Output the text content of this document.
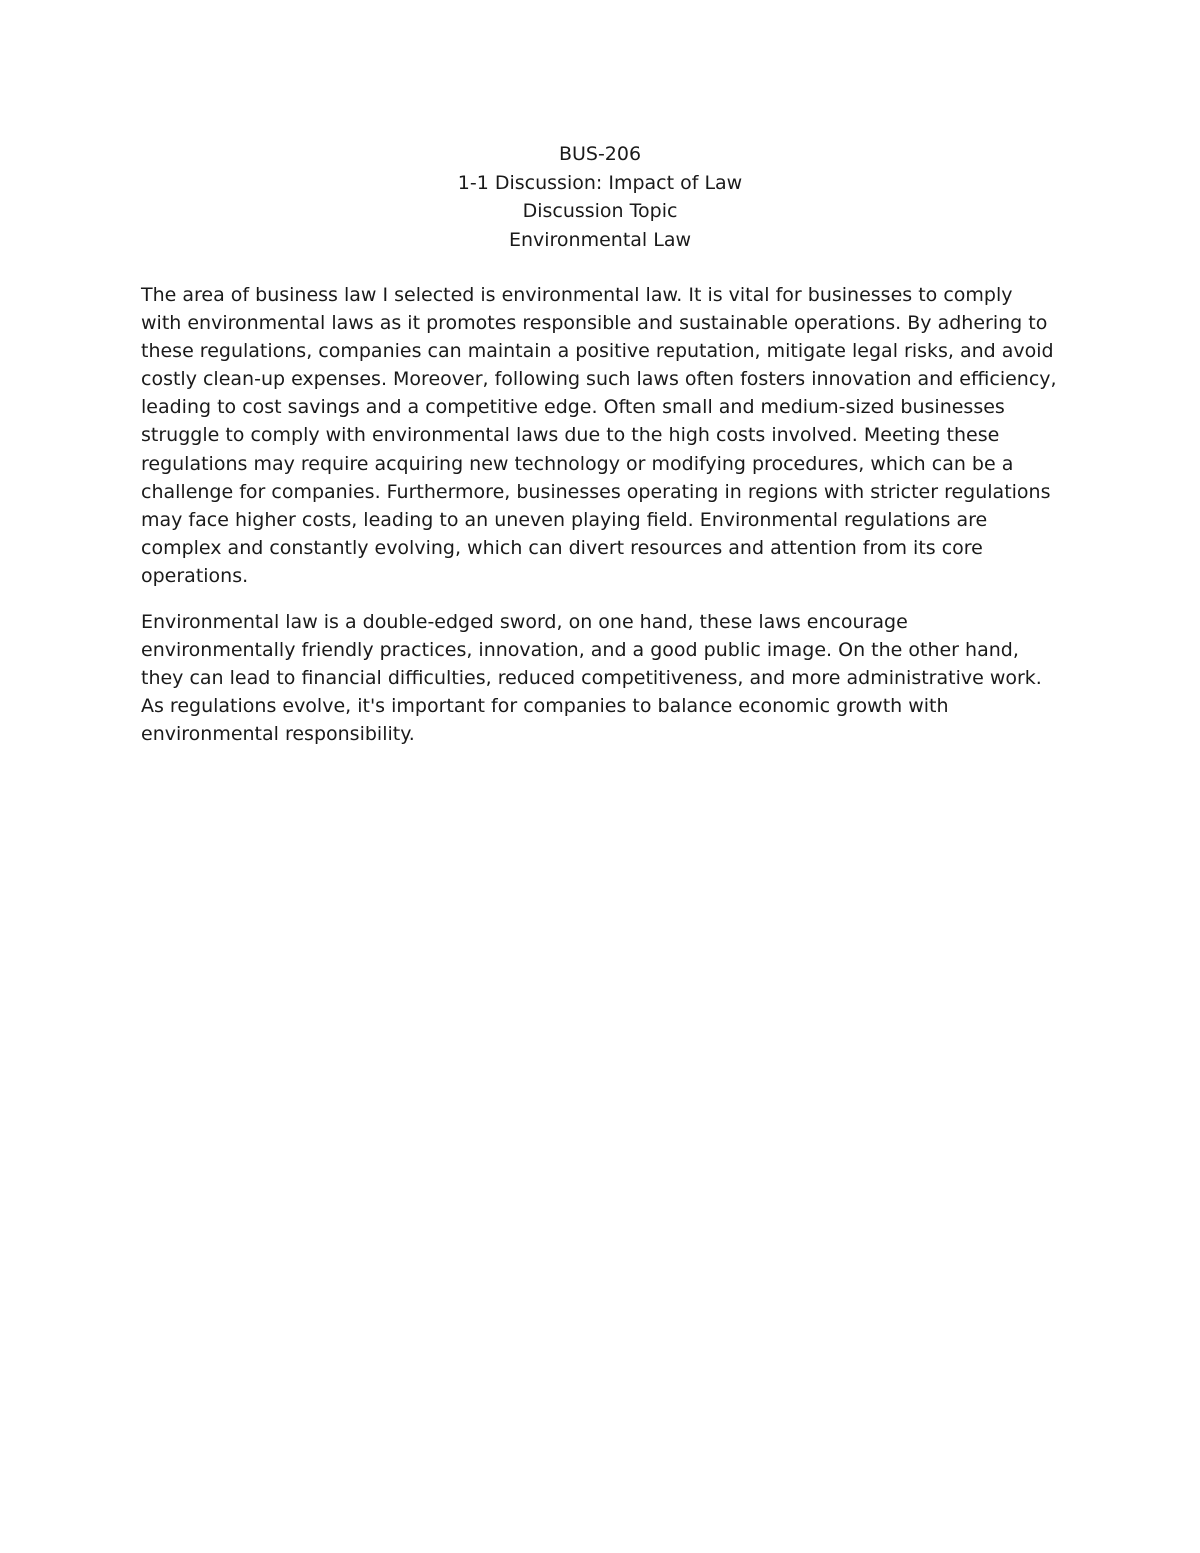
BUS-206
1-1 Discussion: Impact of Law
Discussion Topic
Environmental Law
The area of business law I selected is environmental law. It is vital for businesses to comply
with environmental laws as it promotes responsible and sustainable operations. By adhering to
these regulations, companies can maintain a positive reputation, mitigate legal risks, and avoid
costly clean-up expenses. Moreover, following such laws often fosters innovation and efficiency,
leading to cost savings and a competitive edge. Often small and medium-sized businesses
struggle to comply with environmental laws due to the high costs involved. Meeting these
regulations may require acquiring new technology or modifying procedures, which can be a
challenge for companies. Furthermore, businesses operating in regions with stricter regulations
may face higher costs, leading to an uneven playing field. Environmental regulations are
complex and constantly evolving, which can divert resources and attention from its core
operations.
Environmental law is a double-edged sword, on one hand, these laws encourage
environmentally friendly practices, innovation, and a good public image. On the other hand,
they can lead to financial difficulties, reduced competitiveness, and more administrative work.
As regulations evolve, it's important for companies to balance economic growth with
environmental responsibility.
